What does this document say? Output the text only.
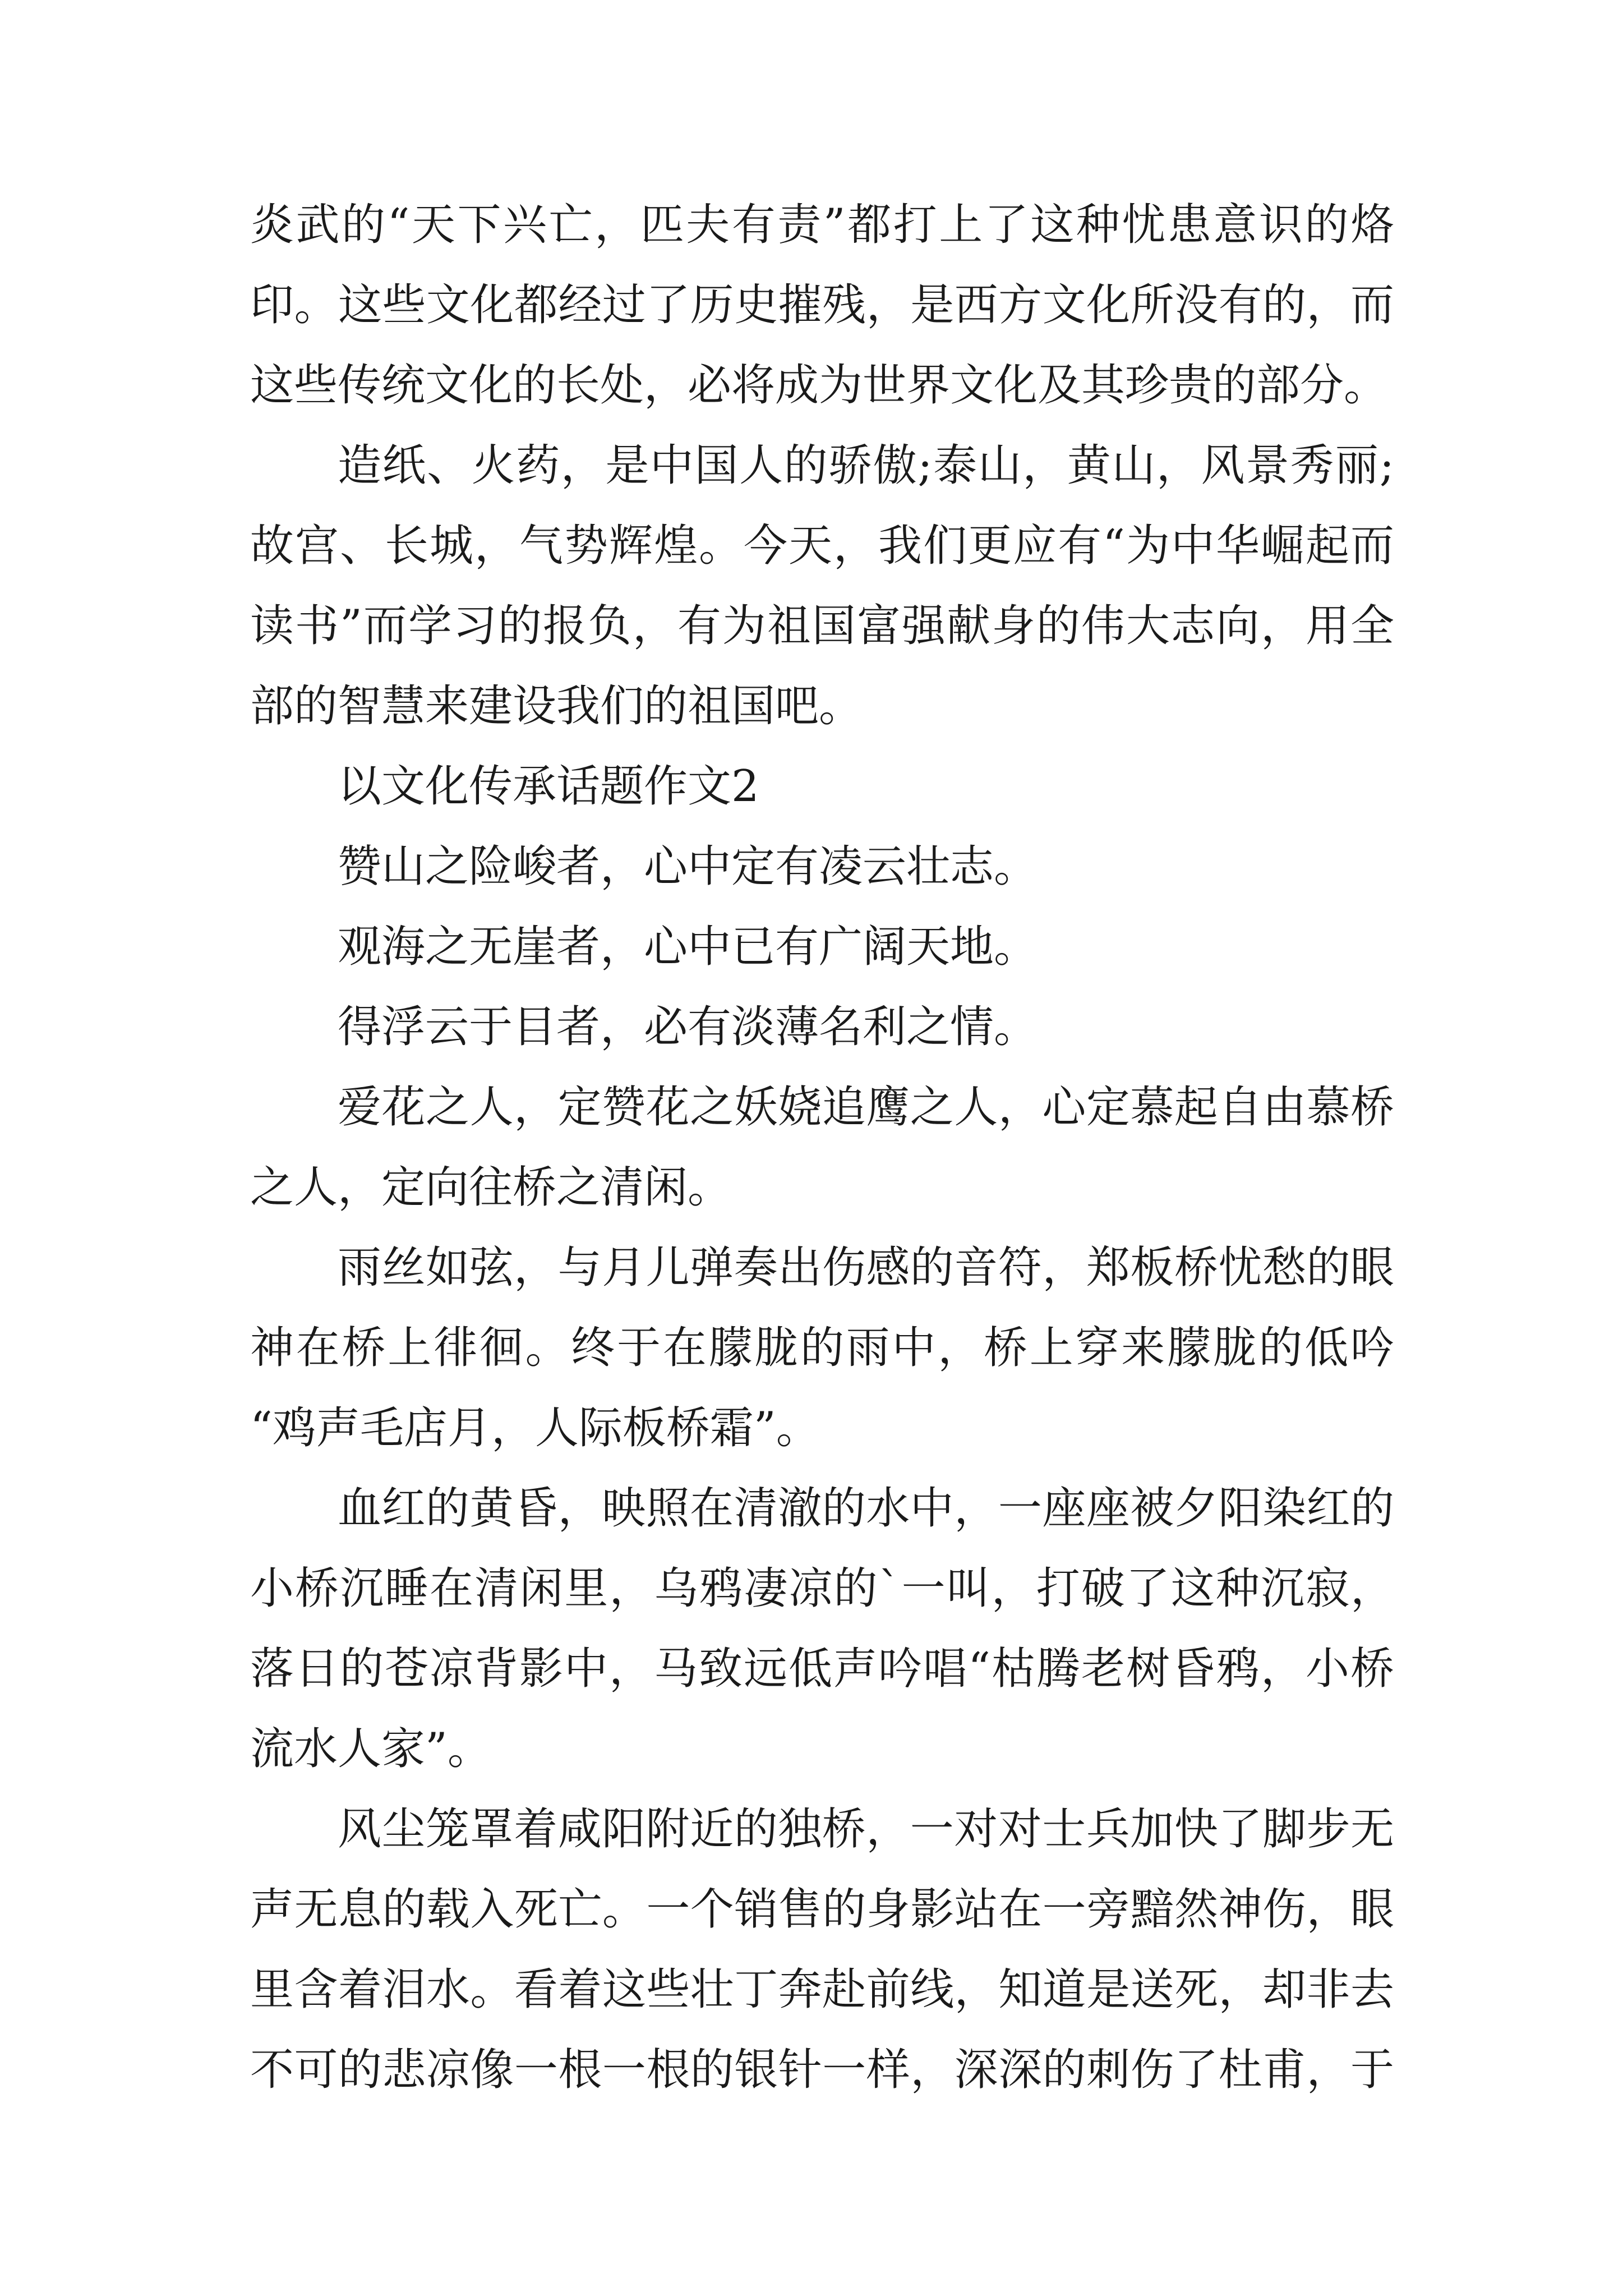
炎武的“天下兴亡，匹夫有责”都打上了这种忧患意识的烙
印。这些文化都经过了历史摧残，是西方文化所没有的，而
这些传统文化的长处，必将成为世界文化及其珍贵的部分。
造纸、火药，是中国人的骄傲;泰山，黄山，风景秀丽;
故宫、长城，气势辉煌。今天，我们更应有“为中华崛起而
读书”而学习的报负，有为祖国富强献身的伟大志向，用全
部的智慧来建设我们的祖国吧。
以文化传承话题作文2
赞山之险峻者，心中定有凌云壮志。
观海之无崖者，心中已有广阔天地。
得浮云于目者，必有淡薄名利之情。
爱花之人，定赞花之妖娆追鹰之人，心定慕起自由慕桥
之人，定向往桥之清闲。
雨丝如弦，与月儿弹奏出伤感的音符，郑板桥忧愁的眼
神在桥上徘徊。终于在朦胧的雨中，桥上穿来朦胧的低吟
“鸡声毛店月，人际板桥霜”。
血红的黄昏，映照在清澈的水中，一座座被夕阳染红的
小桥沉睡在清闲里，乌鸦凄凉的`一叫，打破了这种沉寂，
落日的苍凉背影中，马致远低声吟唱“枯腾老树昏鸦，小桥
流水人家”。
风尘笼罩着咸阳附近的独桥，一对对士兵加快了脚步无
声无息的载入死亡。一个销售的身影站在一旁黯然神伤，眼
里含着泪水。看着这些壮丁奔赴前线，知道是送死，却非去
不可的悲凉像一根一根的银针一样，深深的刺伤了杜甫，于
